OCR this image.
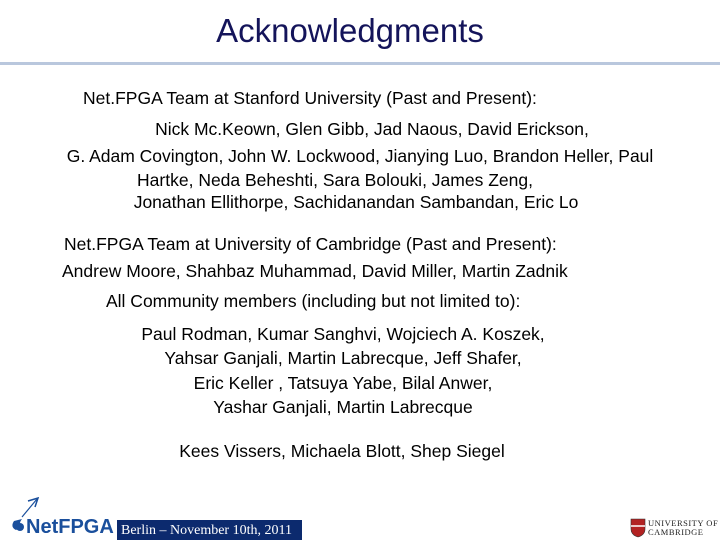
Acknowledgments
Net.FPGA Team at Stanford University (Past and Present):
Nick Mc.Keown, Glen Gibb, Jad Naous, David Erickson,
G. Adam Covington, John W. Lockwood, Jianying Luo, Brandon Heller, Paul
Hartke, Neda Beheshti, Sara Bolouki, James Zeng,
Jonathan Ellithorpe, Sachidanandan Sambandan, Eric Lo
Net.FPGA Team at University of Cambridge (Past and Present):
Andrew Moore, Shahbaz Muhammad, David Miller, Martin Zadnik
All Community members (including but not limited to):
Paul Rodman, Kumar Sanghvi, Wojciech A. Koszek,
Yahsar Ganjali, Martin Labrecque, Jeff Shafer,
Eric Keller , Tatsuya Yabe, Bilal Anwer,
Yashar Ganjali, Martin Labrecque
Kees Vissers, Michaela Blott, Shep Siegel
NetFPGA Berlin – November 10th, 2011	UNIVERSITY OF
CAMBRIDGE
